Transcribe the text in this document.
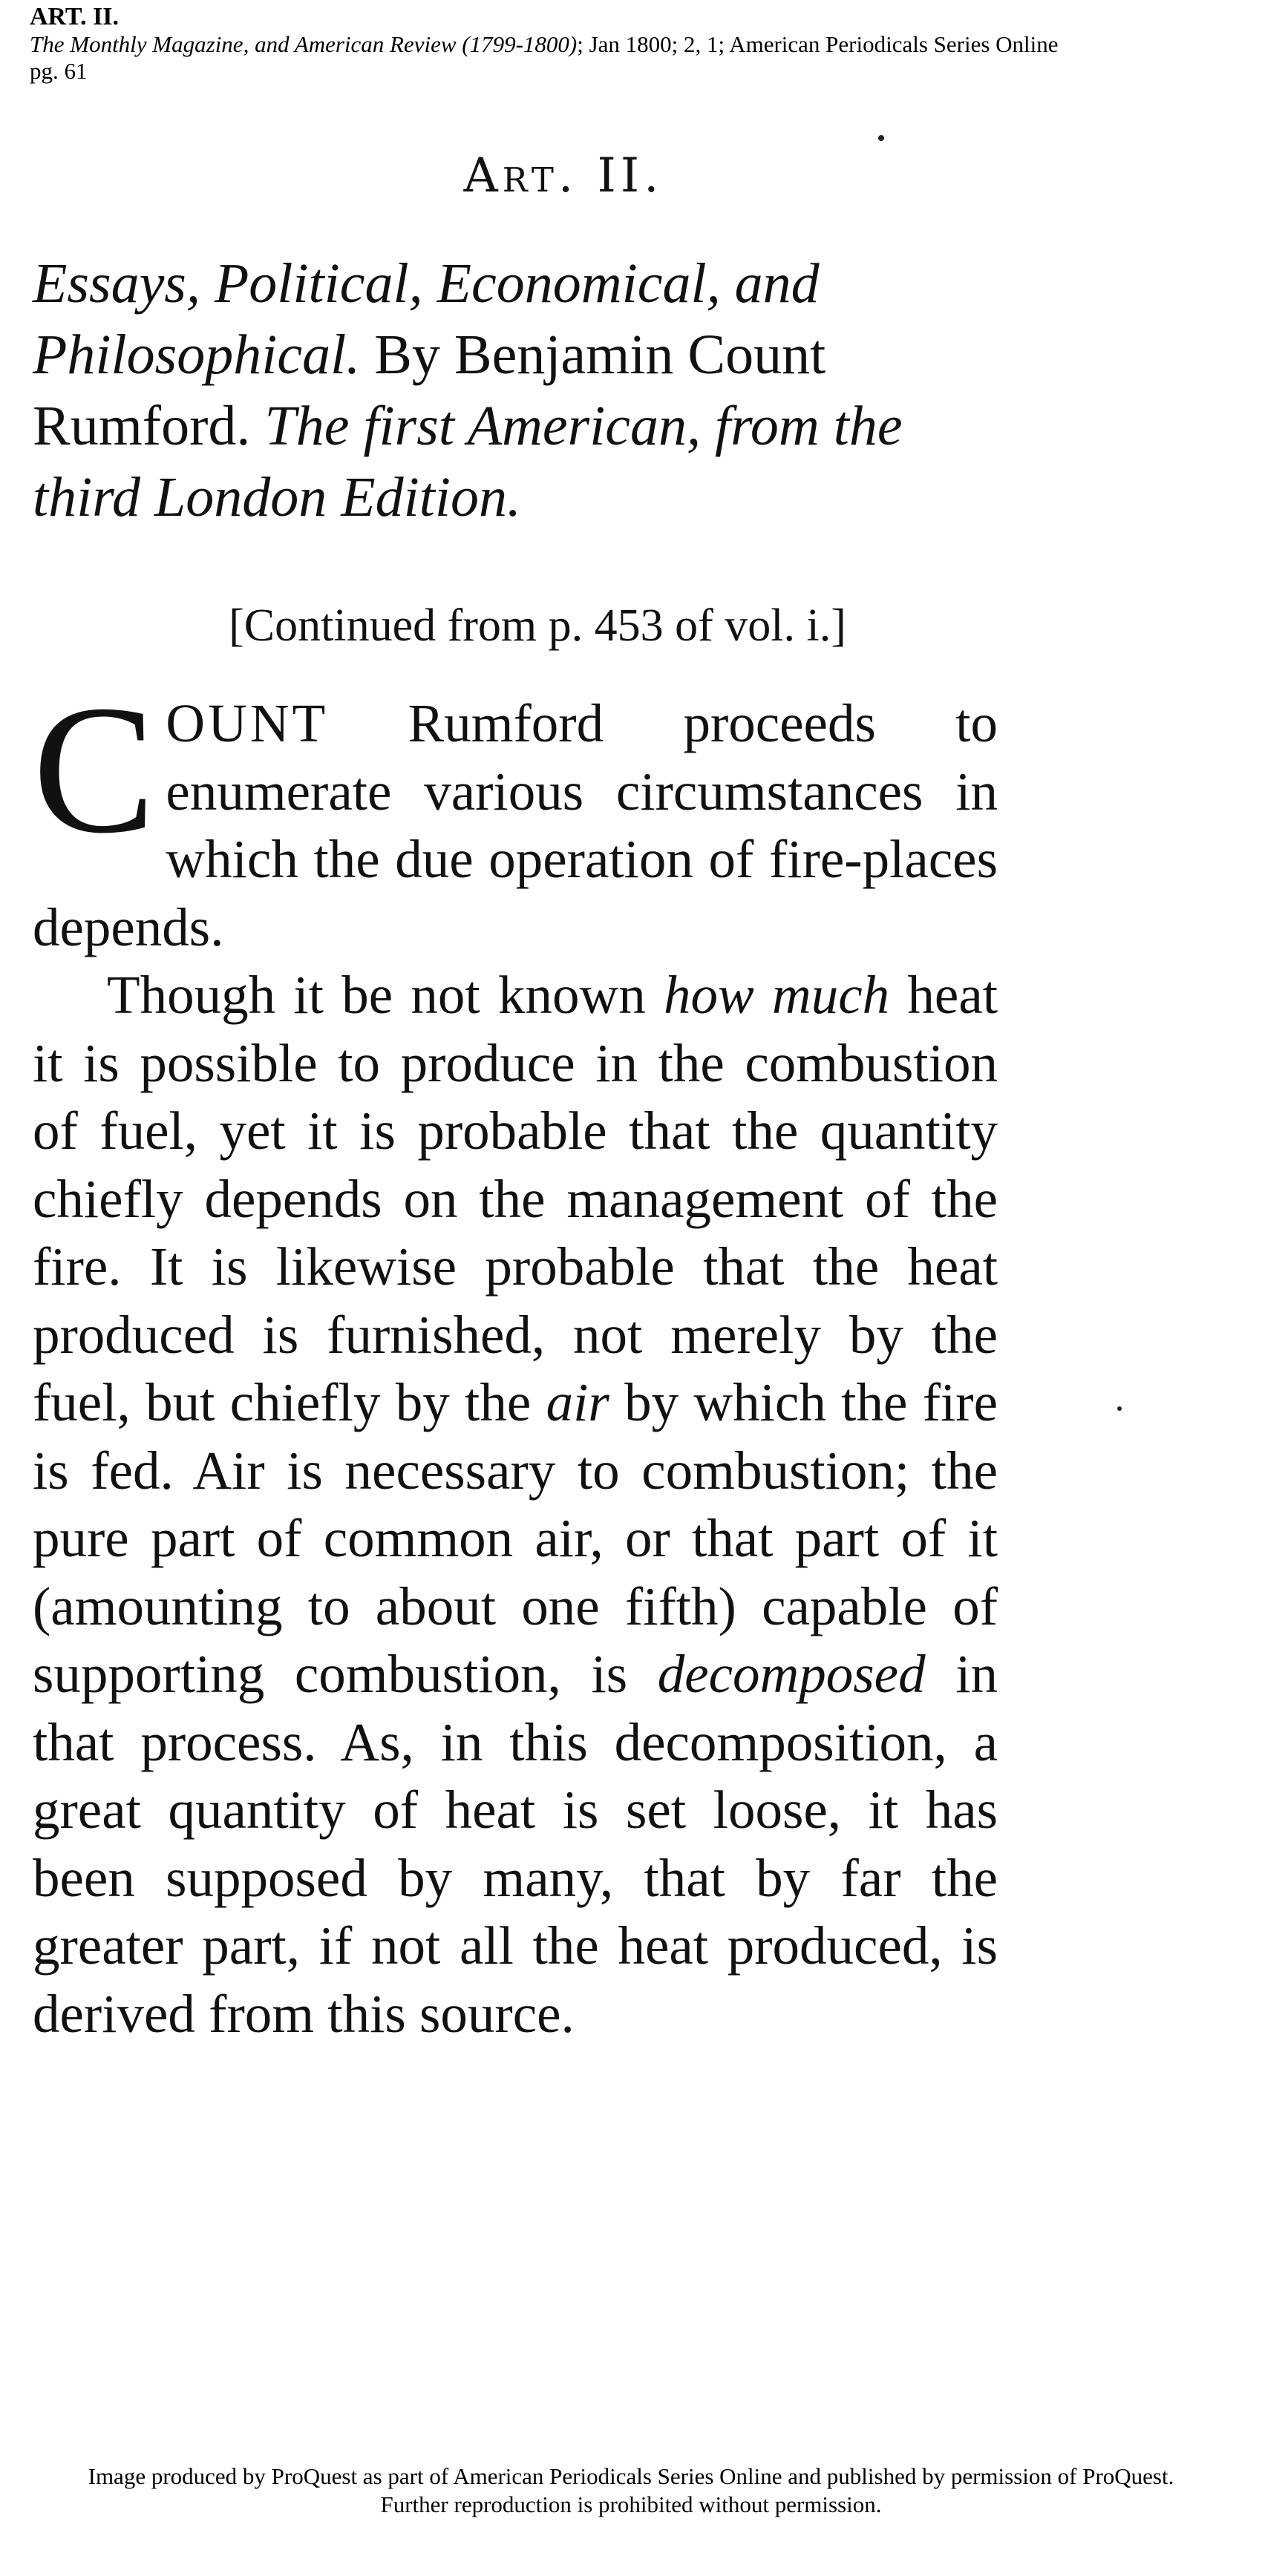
ART. II.
The Monthly Magazine, and American Review (1799-1800); Jan 1800; 2, 1; American Periodicals Series Online
pg. 61
Art. II.

Essays, Political, Economical, and Philosophical. By Benjamin Count Rumford. The first American, from the third London Edition.

[Continued from p. 453 of vol. i.]

COUNT Rumford proceeds to enumerate various circumstances in which the due operation of fire-places depends.

Though it be not known how much heat it is possible to produce in the combustion of fuel, yet it is probable that the quantity chiefly depends on the management of the fire. It is likewise probable that the heat produced is furnished, not merely by the fuel, but chiefly by the air by which the fire is fed. Air is necessary to combustion; the pure part of common air, or that part of it (amounting to about one fifth) capable of supporting combustion, is decomposed in that process. As, in this decomposition, a great quantity of heat is set loose, it has been supposed by many, that by far the greater part, if not all the heat produced, is derived from this source.

Image produced by ProQuest as part of American Periodicals Series Online and published by permission of ProQuest.
Further reproduction is prohibited without permission.
